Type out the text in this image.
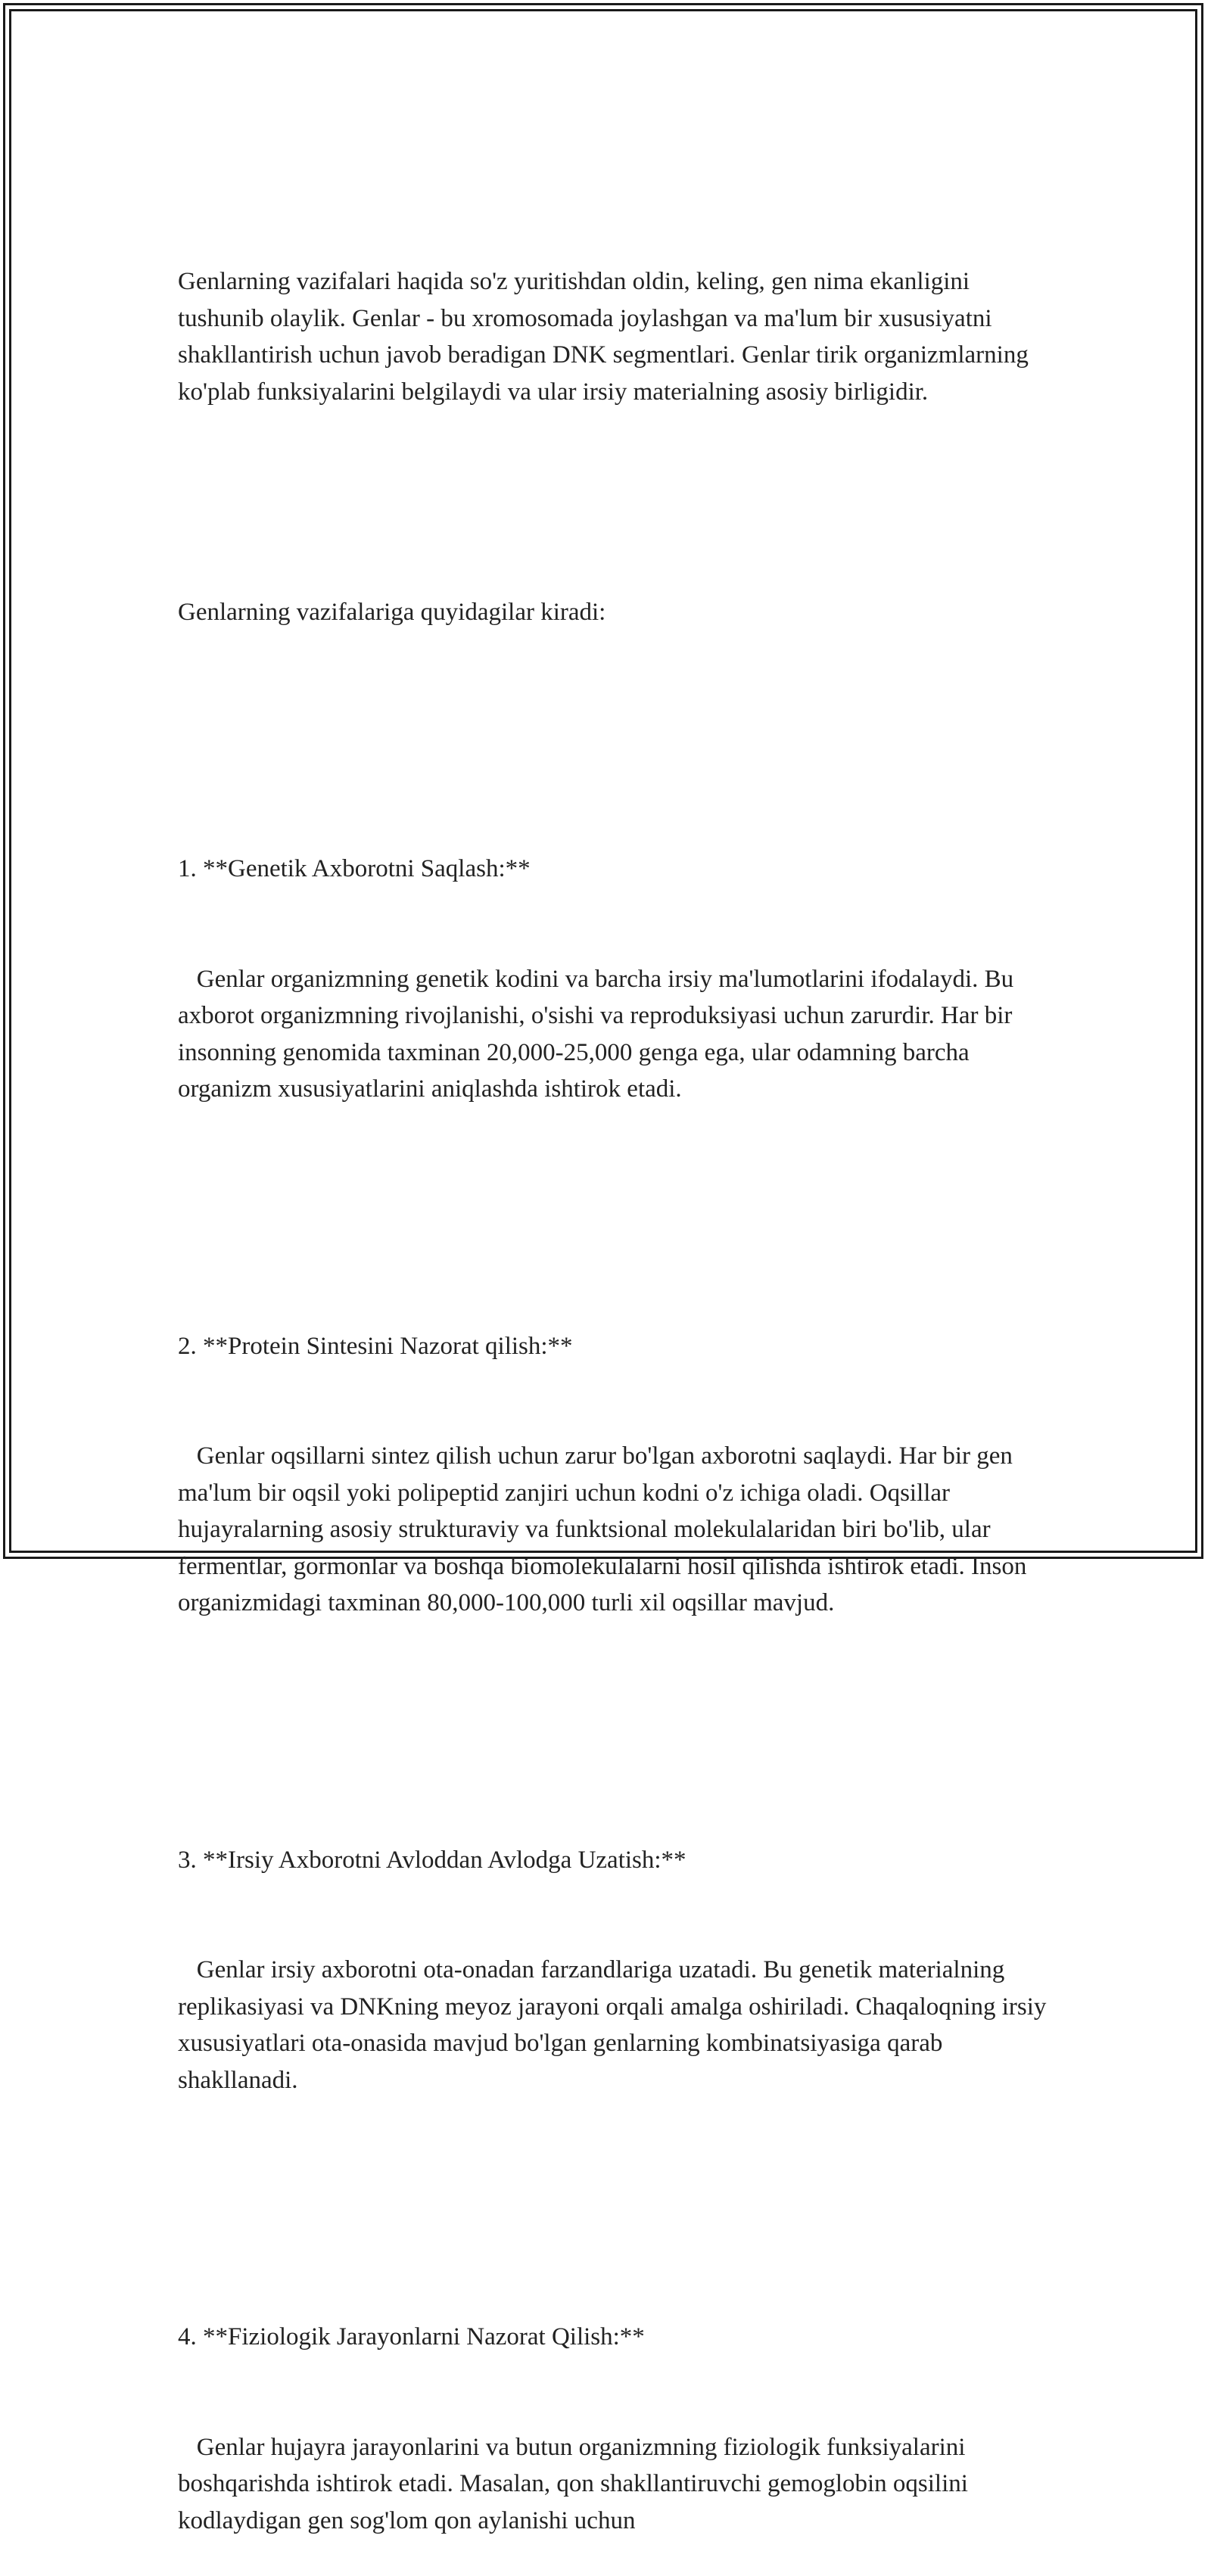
Genlarning vazifalari haqida so'z yuritishdan oldin, keling, gen nima ekanligini tushunib olaylik. Genlar - bu xromosomada joylashgan va ma'lum bir xususiyatni shakllantirish uchun javob beradigan DNK segmentlari. Genlar tirik organizmlarning ko'plab funksiyalarini belgilaydi va ular irsiy materialning asosiy birligidir.

Genlarning vazifalariga quyidagilar kiradi:

1. **Genetik Axborotni Saqlash:**

Genlar organizmning genetik kodini va barcha irsiy ma'lumotlarini ifodalaydi. Bu axborot organizmning rivojlanishi, o'sishi va reproduksiyasi uchun zarurdir. Har bir insonning genomida taxminan 20,000-25,000 genga ega, ular odamning barcha organizm xususiyatlarini aniqlashda ishtirok etadi.

2. **Protein Sintesini Nazorat qilish:**

Genlar oqsillarni sintez qilish uchun zarur bo'lgan axborotni saqlaydi. Har bir gen ma'lum bir oqsil yoki polipeptid zanjiri uchun kodni o'z ichiga oladi. Oqsillar hujayralarning asosiy strukturaviy va funktsional molekulalaridan biri bo'lib, ular fermentlar, gormonlar va boshqa biomolekulalarni hosil qilishda ishtirok etadi. Inson organizmidagi taxminan 80,000-100,000 turli xil oqsillar mavjud.

3. **Irsiy Axborotni Avloddan Avlodga Uzatish:**

Genlar irsiy axborotni ota-onadan farzandlariga uzatadi. Bu genetik materialning replikasiyasi va DNKning meyoz jarayoni orqali amalga oshiriladi. Chaqaloqning irsiy xususiyatlari ota-onasida mavjud bo'lgan genlarning kombinatsiyasiga qarab shakllanadi.

4. **Fiziologik Jarayonlarni Nazorat Qilish:**

Genlar hujayra jarayonlarini va butun organizmning fiziologik funksiyalarini boshqarishda ishtirok etadi. Masalan, qon shakllantiruvchi gemoglobin oqsilini kodlaydigan gen sog'lom qon aylanishi uchun
